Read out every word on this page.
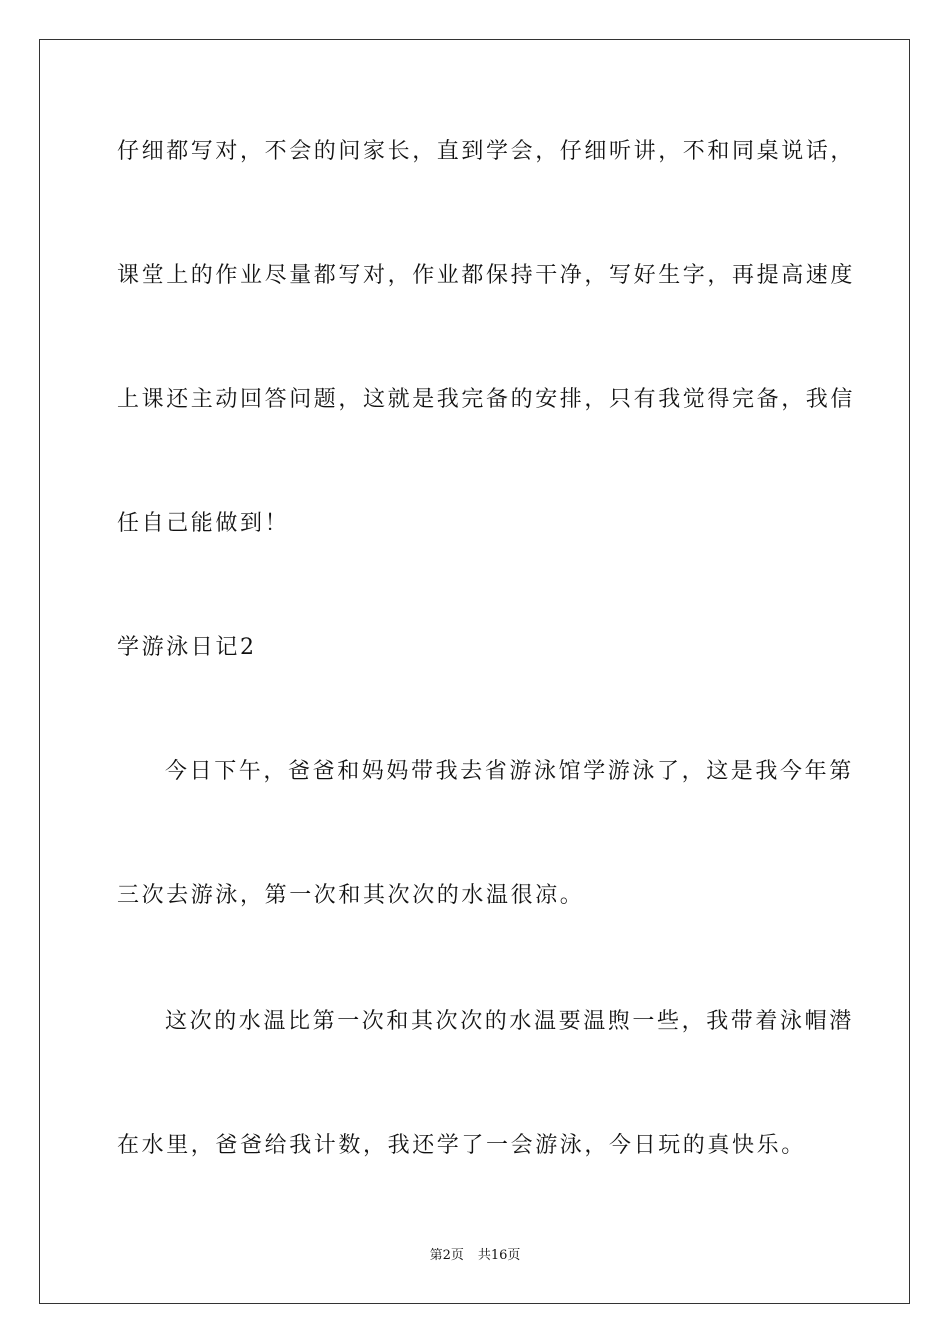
仔细都写对，不会的问家长，直到学会，仔细听讲，不和同桌说话，
课堂上的作业尽量都写对，作业都保持干净，写好生字，再提高速度
上课还主动回答问题，这就是我完备的安排，只有我觉得完备，我信
任自己能做到！
学游泳日记2
今日下午，爸爸和妈妈带我去省游泳馆学游泳了，这是我今年第
三次去游泳，第一次和其次次的水温很凉。
这次的水温比第一次和其次次的水温要温煦一些，我带着泳帽潜
在水里，爸爸给我计数，我还学了一会游泳，今日玩的真快乐。
第2页 共16页
